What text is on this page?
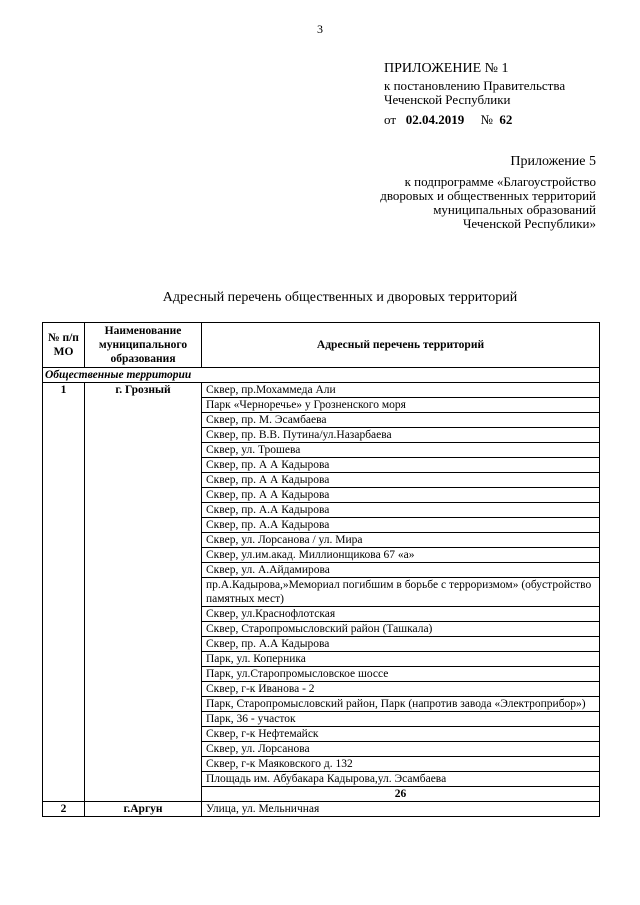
3
ПРИЛОЖЕНИЕ № 1
к постановлению Правительства
Чеченской Республики
от 02.04.2019 № 62
Приложение 5
к подпрограмме «Благоустройство
дворовых и общественных территорий
муниципальных образований
Чеченской Республики»
Адресный перечень общественных и дворовых территорий
№ п/п МО	Наименование муниципального образования	Адресный перечень территорий
Общественные территории		
1	г. Грозный	Сквер, пр.Мохаммеда Али
		Парк «Черноречье» у Грозненского моря
		Сквер, пр. М. Эсамбаева
		Сквер, пр. В.В. Путина/ул.Назарбаева
		Сквер, ул. Трошева
		Сквер, пр. А А Кадырова
		Сквер, пр. А А Кадырова
		Сквер, пр. А А Кадырова
		Сквер, пр. А.А Кадырова
		Сквер, пр. А.А Кадырова
		Сквер, ул. Лорсанова / ул. Мира
		Сквер, ул.им.акад. Миллионщикова 67 «а»
		Сквер, ул. А.Айдамирова
		пр.А.Кадырова,»Мемориал погибшим в борьбе с терроризмом» (обустройство памятных мест)
		Сквер, ул.Краснофлотская
		Сквер, Старопромысловский район (Ташкала)
		Сквер, пр. А.А Кадырова
		Парк, ул. Коперника
		Парк, ул.Старопромысловское шоссе
		Сквер, г-к Иванова - 2
		Парк, Старопромысловский район, Парк (напротив завода «Электроприбор»)
		Парк, 36 - участок
		Сквер, г-к Нефтемайск
		Сквер, ул. Лорсанова
		Сквер, г-к Маяковского д. 132
		Площадь им. Абубакара Кадырова,ул. Эсамбаева
		26
2	г.Аргун	Улица, ул. Мельничная
